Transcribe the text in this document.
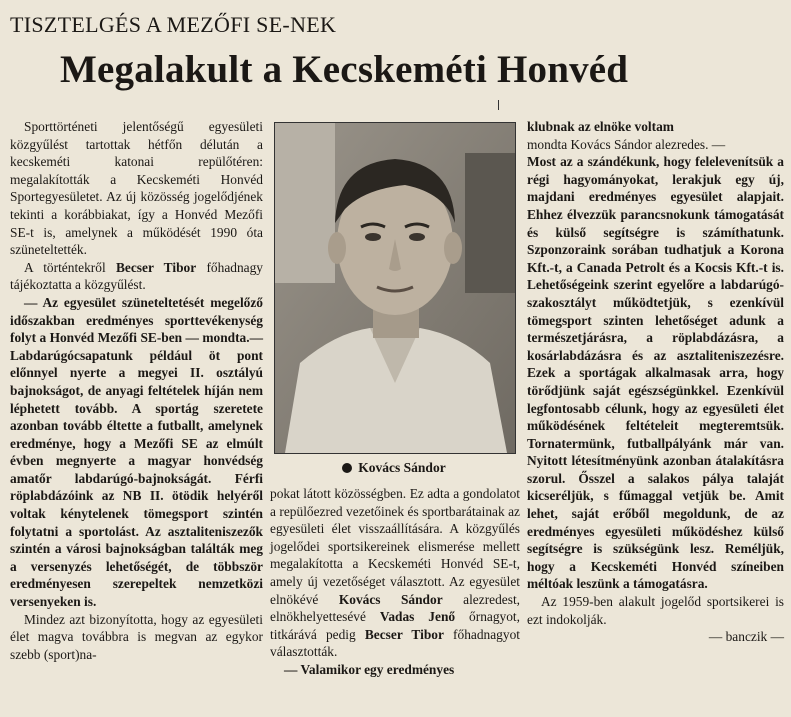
TISZTELGÉS A MEZŐFI SE-NEK
Megalakult a Kecskeméti Honvéd

Sporttörténeti jelentőségű egyesületi közgyűlést tartottak hétfőn délután a kecskeméti katonai repülőtéren: megalakították a Kecskeméti Honvéd Sportegyesületet. Az új közösség jogelődjének tekinti a korábbiakat, így a Honvéd Mezőfi SE-t is, amelynek a működését 1990 óta szüneteltették.

A történtekről Becser Tibor főhadnagy tájékoztatta a közgyűlést.

— Az egyesület szüneteltetését megelőző időszakban eredményes sporttevékenység folyt a Honvéd Mezőfi SE-ben — mondta.— Labdarúgócsapatunk például öt pont előnnyel nyerte a megyei II. osztályú bajnokságot, de anyagi feltételek híján nem léphetett tovább. A sportág szeretete azonban tovább éltette a futballt, amelynek eredménye, hogy a Mezőfi SE az elmúlt évben megnyerte a magyar honvédség amatőr labdarúgó-bajnokságát. Férfi röplabdázóink az NB II. ötödik helyéről voltak kénytelenek tömegsport szintén folytatni a sportolást. Az asztaliteniszezők szintén a városi bajnokságban találták meg a versenyzés lehetőségét, de többször eredményesen szerepeltek nemzetközi versenyeken is.

Mindez azt bizonyította, hogy az egyesületi élet magva továbbra is megvan az egykor szebb (sport)na-

Kovács Sándor

pokat látott közösségben. Ez adta a gondolatot a repülőezred vezetőinek és sportbarátainak az egyesületi élet visszaállítására. A közgyűlés jogelődei sportsikereinek elismerése mellett megalakította a Kecskeméti Honvéd SE-t, amely új vezetőséget választott. Az egyesület elnökévé Kovács Sándor alezredest, elnökhelyettesévé Vadas Jenő őrnagyot, titkárává pedig Becser Tibor főhadnagyot választották.

— Valamikor egy eredményes

klubnak az elnöke voltam

mondta Kovács Sándor alezredes. —

Most az a szándékunk, hogy felelevenítsük a régi hagyományokat, lerakjuk egy új, majdani eredményes egyesület alapjait. Ehhez élvezzük parancsnokunk támogatását és külső segítségre is számíthatunk. Szponzoraink sorában tudhatjuk a Korona Kft.-t, a Canada Petrolt és a Kocsis Kft.-t is. Lehetőségeink szerint egyelőre a labdarúgó-szakosztályt működtetjük, s ezenkívül tömegsport szinten lehetőséget adunk a természetjárásra, a röplabdázásra, a kosárlabdázásra és az asztaliteniszezésre. Ezek a sportágak alkalmasak arra, hogy törődjünk saját egészségünkkel. Ezenkívül legfontosabb célunk, hogy az egyesületi élet működésének feltételeit megteremtsük. Tornatermünk, futballpályánk már van. Nyitott létesítményünk azonban átalakításra szorul. Ősszel a salakos pálya talaját kicseréljük, s fűmaggal vetjük be. Amit lehet, saját erőből megoldunk, de az eredményes egyesületi működéshez külső segítségre is szükségünk lesz. Reméljük, hogy a Kecskeméti Honvéd színeiben méltóak leszünk a támogatásra.

Az 1959-ben alakult jogelőd sportsikerei is ezt indokolják.

— banczik —
